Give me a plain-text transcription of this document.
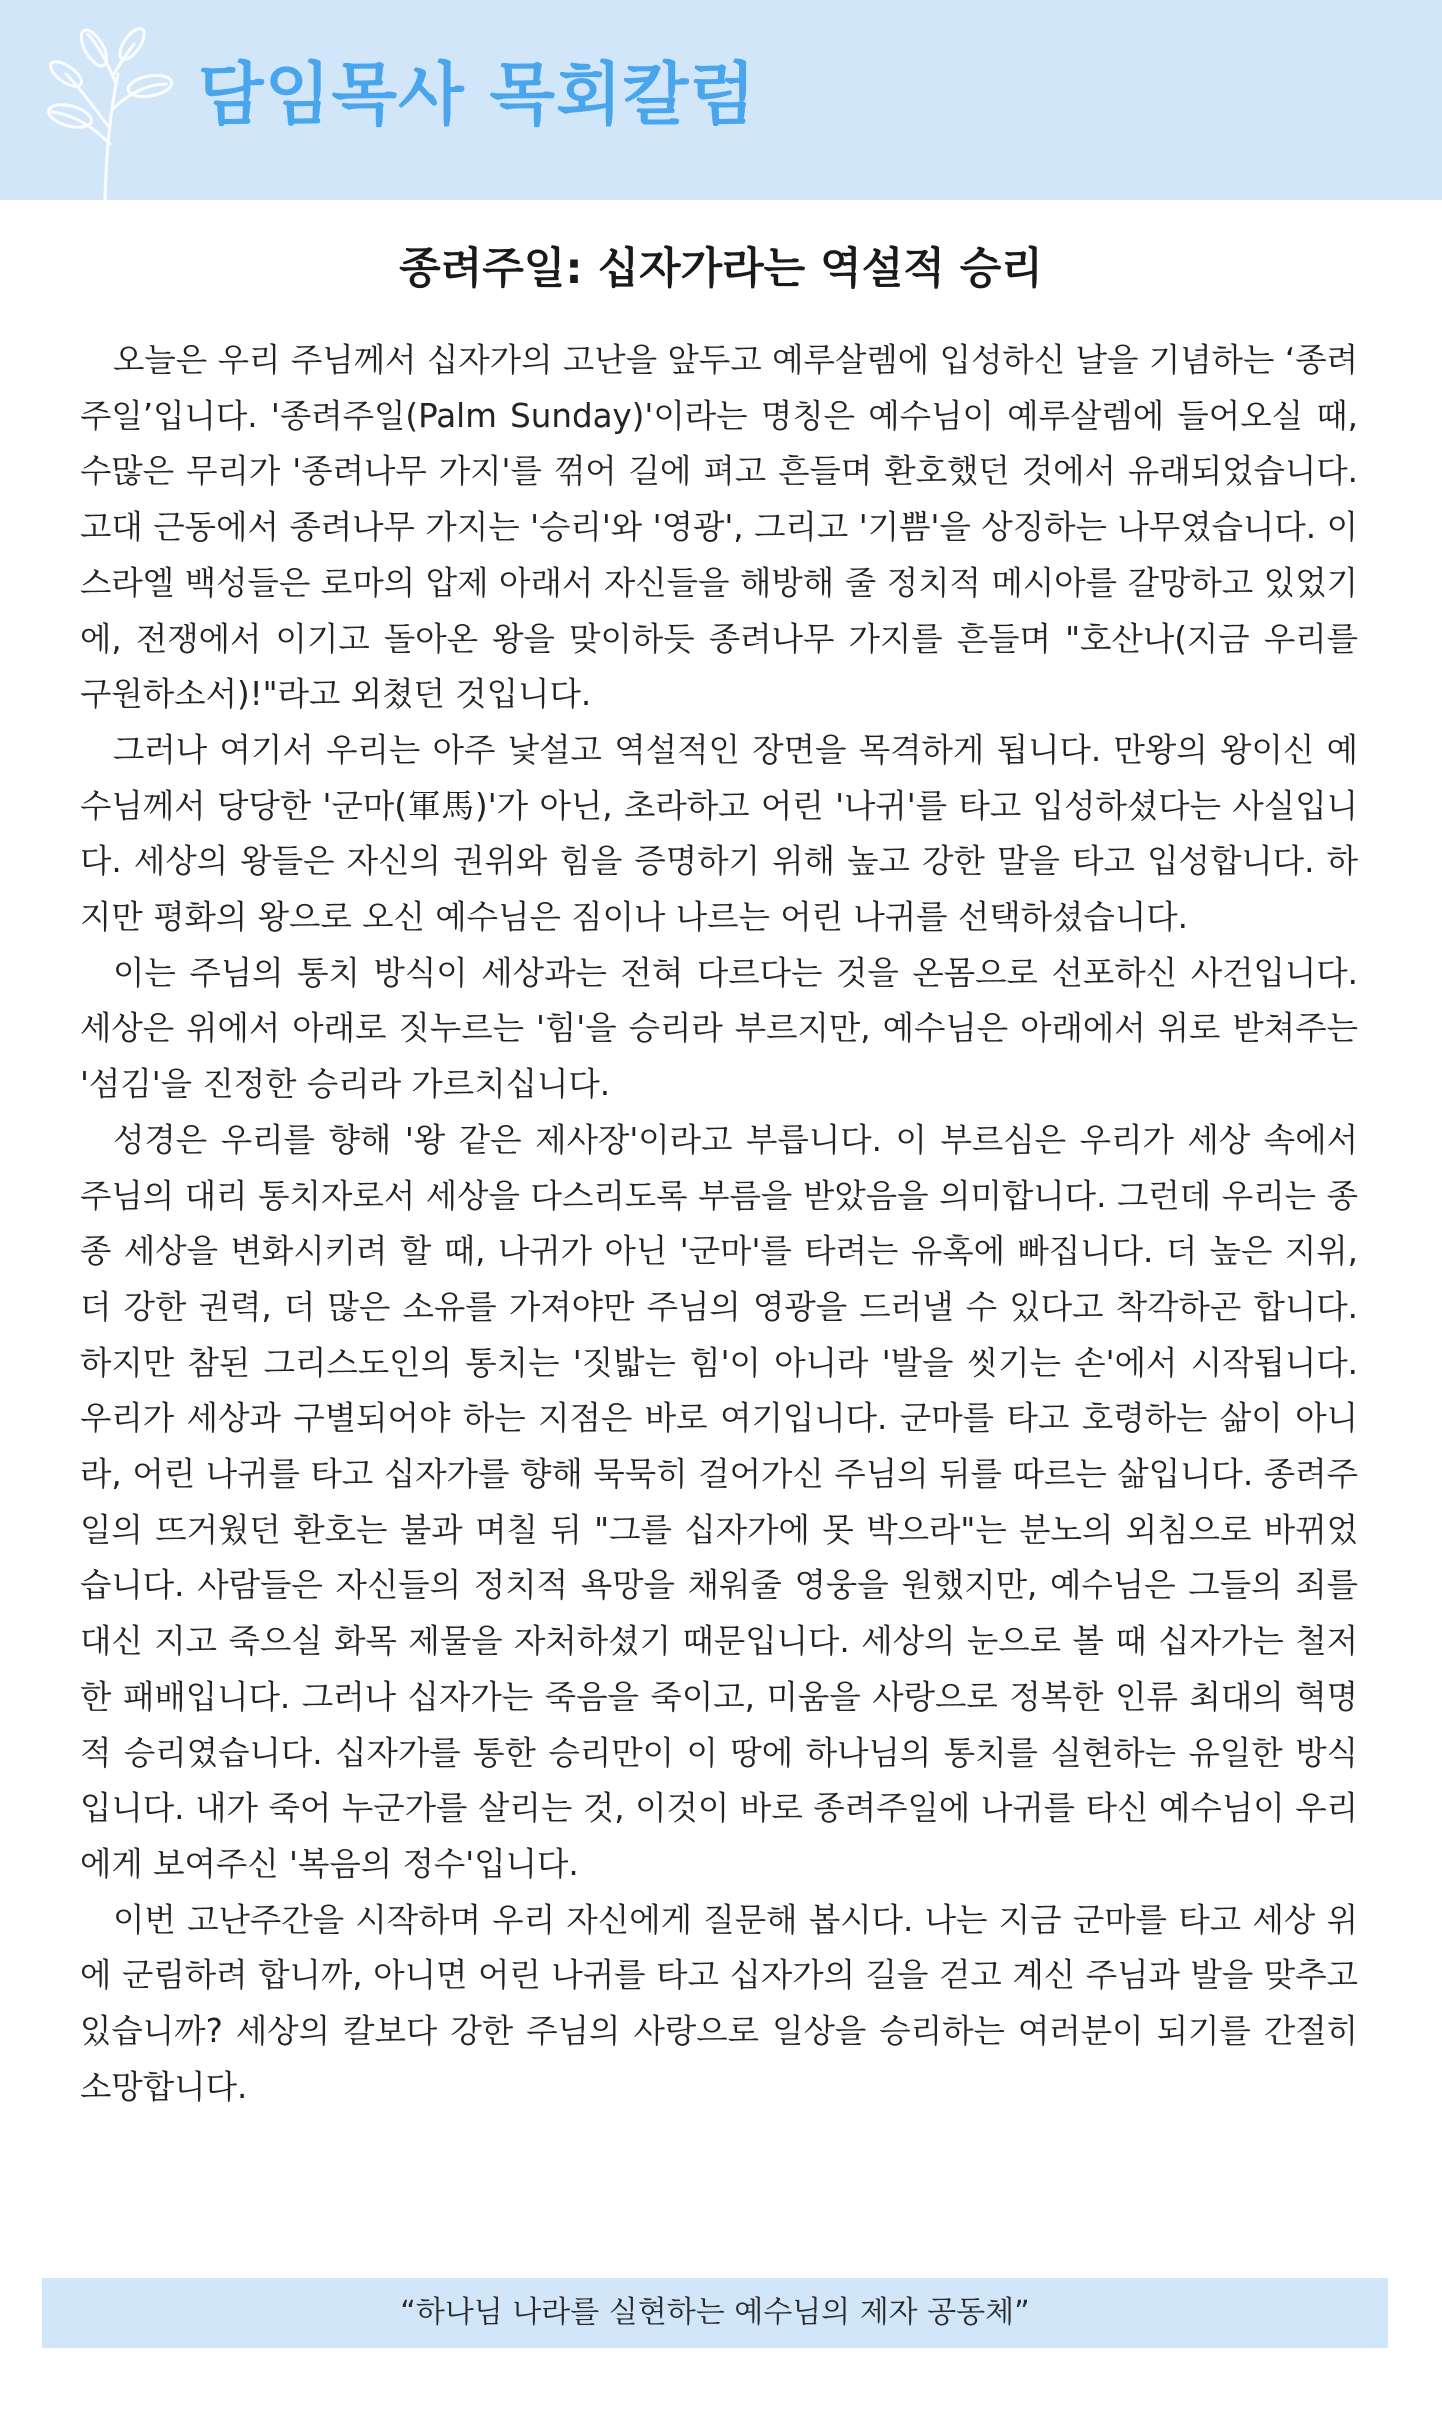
담임목사 목회칼럼
종려주일: 십자가라는 역설적 승리

오늘은 우리 주님께서 십자가의 고난을 앞두고 예루살렘에 입성하신 날을 기념하는 ‘종려주일’입니다. '종려주일(Palm Sunday)'이라는 명칭은 예수님이 예루살렘에 들어오실 때, 수많은 무리가 '종려나무 가지'를 꺾어 길에 펴고 흔들며 환호했던 것에서 유래되었습니다. 고대 근동에서 종려나무 가지는 '승리'와 '영광', 그리고 '기쁨'을 상징하는 나무였습니다. 이스라엘 백성들은 로마의 압제 아래서 자신들을 해방해 줄 정치적 메시아를 갈망하고 있었기에, 전쟁에서 이기고 돌아온 왕을 맞이하듯 종려나무 가지를 흔들며 "호산나(지금 우리를 구원하소서)!"라고 외쳤던 것입니다.

그러나 여기서 우리는 아주 낯설고 역설적인 장면을 목격하게 됩니다. 만왕의 왕이신 예수님께서 당당한 '군마(軍馬)'가 아닌, 초라하고 어린 '나귀'를 타고 입성하셨다는 사실입니다. 세상의 왕들은 자신의 권위와 힘을 증명하기 위해 높고 강한 말을 타고 입성합니다. 하지만 평화의 왕으로 오신 예수님은 짐이나 나르는 어린 나귀를 선택하셨습니다.

이는 주님의 통치 방식이 세상과는 전혀 다르다는 것을 온몸으로 선포하신 사건입니다. 세상은 위에서 아래로 짓누르는 '힘'을 승리라 부르지만, 예수님은 아래에서 위로 받쳐주는 '섬김'을 진정한 승리라 가르치십니다.

성경은 우리를 향해 '왕 같은 제사장'이라고 부릅니다. 이 부르심은 우리가 세상 속에서 주님의 대리 통치자로서 세상을 다스리도록 부름을 받았음을 의미합니다. 그런데 우리는 종종 세상을 변화시키려 할 때, 나귀가 아닌 '군마'를 타려는 유혹에 빠집니다. 더 높은 지위, 더 강한 권력, 더 많은 소유를 가져야만 주님의 영광을 드러낼 수 있다고 착각하곤 합니다. 하지만 참된 그리스도인의 통치는 '짓밟는 힘'이 아니라 '발을 씻기는 손'에서 시작됩니다. 우리가 세상과 구별되어야 하는 지점은 바로 여기입니다. 군마를 타고 호령하는 삶이 아니라, 어린 나귀를 타고 십자가를 향해 묵묵히 걸어가신 주님의 뒤를 따르는 삶입니다. 종려주일의 뜨거웠던 환호는 불과 며칠 뒤 "그를 십자가에 못 박으라"는 분노의 외침으로 바뀌었습니다. 사람들은 자신들의 정치적 욕망을 채워줄 영웅을 원했지만, 예수님은 그들의 죄를 대신 지고 죽으실 화목 제물을 자처하셨기 때문입니다. 세상의 눈으로 볼 때 십자가는 철저한 패배입니다. 그러나 십자가는 죽음을 죽이고, 미움을 사랑으로 정복한 인류 최대의 혁명적 승리였습니다. 십자가를 통한 승리만이 이 땅에 하나님의 통치를 실현하는 유일한 방식입니다. 내가 죽어 누군가를 살리는 것, 이것이 바로 종려주일에 나귀를 타신 예수님이 우리에게 보여주신 '복음의 정수'입니다.

이번 고난주간을 시작하며 우리 자신에게 질문해 봅시다. 나는 지금 군마를 타고 세상 위에 군림하려 합니까, 아니면 어린 나귀를 타고 십자가의 길을 걷고 계신 주님과 발을 맞추고 있습니까? 세상의 칼보다 강한 주님의 사랑으로 일상을 승리하는 여러분이 되기를 간절히 소망합니다.

“하나님 나라를 실현하는 예수님의 제자 공동체”
